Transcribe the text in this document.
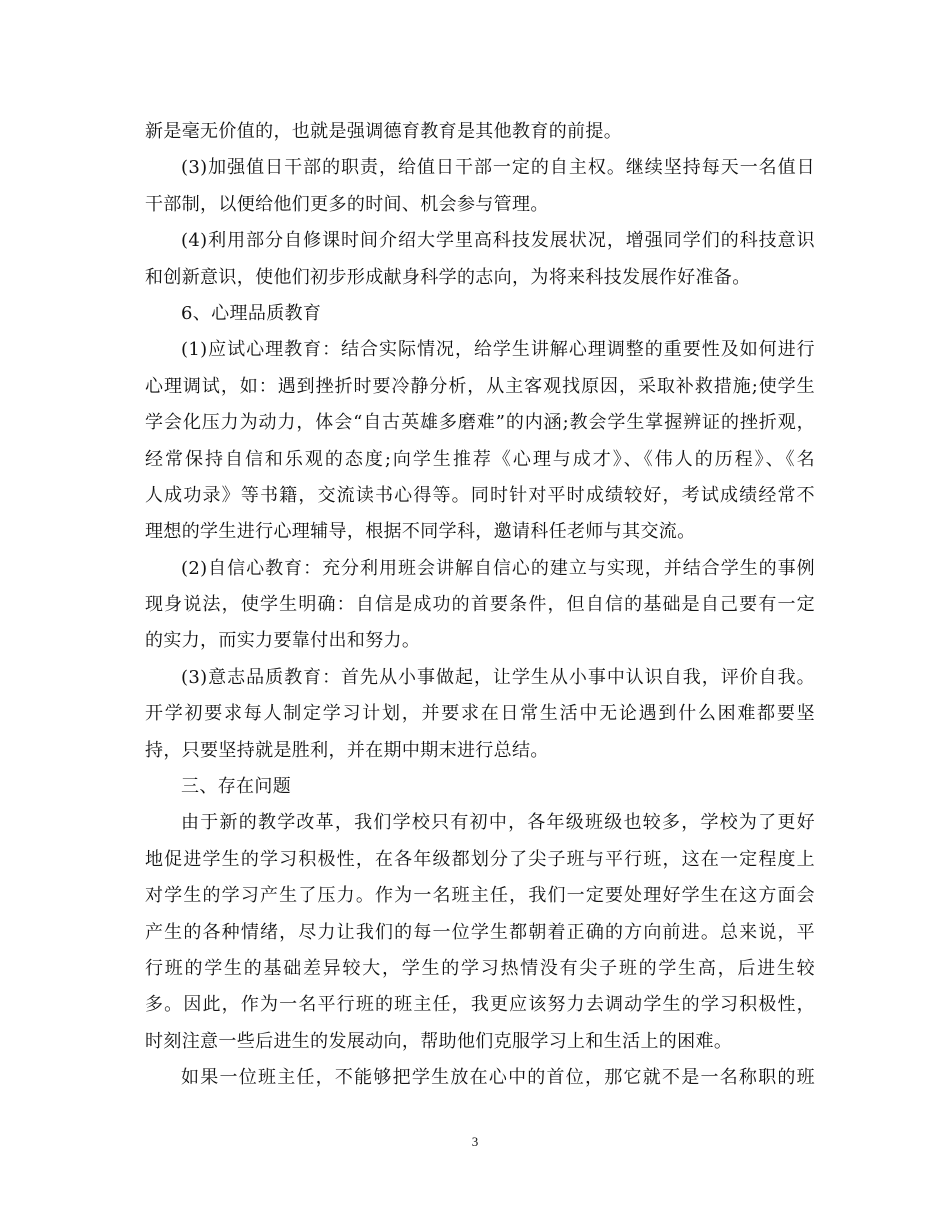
新是毫无价值的，也就是强调德育教育是其他教育的前提。
(3)加强值日干部的职责，给值日干部一定的自主权。继续坚持每天一名值日
干部制，以便给他们更多的时间、机会参与管理。
(4)利用部分自修课时间介绍大学里高科技发展状况，增强同学们的科技意识
和创新意识，使他们初步形成献身科学的志向，为将来科技发展作好准备。
6、心理品质教育
(1)应试心理教育：结合实际情况，给学生讲解心理调整的重要性及如何进行
心理调试，如：遇到挫折时要冷静分析，从主客观找原因，采取补救措施;使学生
学会化压力为动力，体会“自古英雄多磨难”的内涵;教会学生掌握辨证的挫折观，
经常保持自信和乐观的态度;向学生推荐《心理与成才》、《伟人的历程》、《名
人成功录》等书籍，交流读书心得等。同时针对平时成绩较好，考试成绩经常不
理想的学生进行心理辅导，根据不同学科，邀请科任老师与其交流。
(2)自信心教育：充分利用班会讲解自信心的建立与实现，并结合学生的事例
现身说法，使学生明确：自信是成功的首要条件，但自信的基础是自己要有一定
的实力，而实力要靠付出和努力。
(3)意志品质教育：首先从小事做起，让学生从小事中认识自我，评价自我。
开学初要求每人制定学习计划，并要求在日常生活中无论遇到什么困难都要坚
持，只要坚持就是胜利，并在期中期末进行总结。
三、存在问题
由于新的教学改革，我们学校只有初中，各年级班级也较多，学校为了更好
地促进学生的学习积极性，在各年级都划分了尖子班与平行班，这在一定程度上
对学生的学习产生了压力。作为一名班主任，我们一定要处理好学生在这方面会
产生的各种情绪，尽力让我们的每一位学生都朝着正确的方向前进。总来说，平
行班的学生的基础差异较大，学生的学习热情没有尖子班的学生高，后进生较
多。因此，作为一名平行班的班主任，我更应该努力去调动学生的学习积极性，
时刻注意一些后进生的发展动向，帮助他们克服学习上和生活上的困难。
如果一位班主任，不能够把学生放在心中的首位，那它就不是一名称职的班
3
